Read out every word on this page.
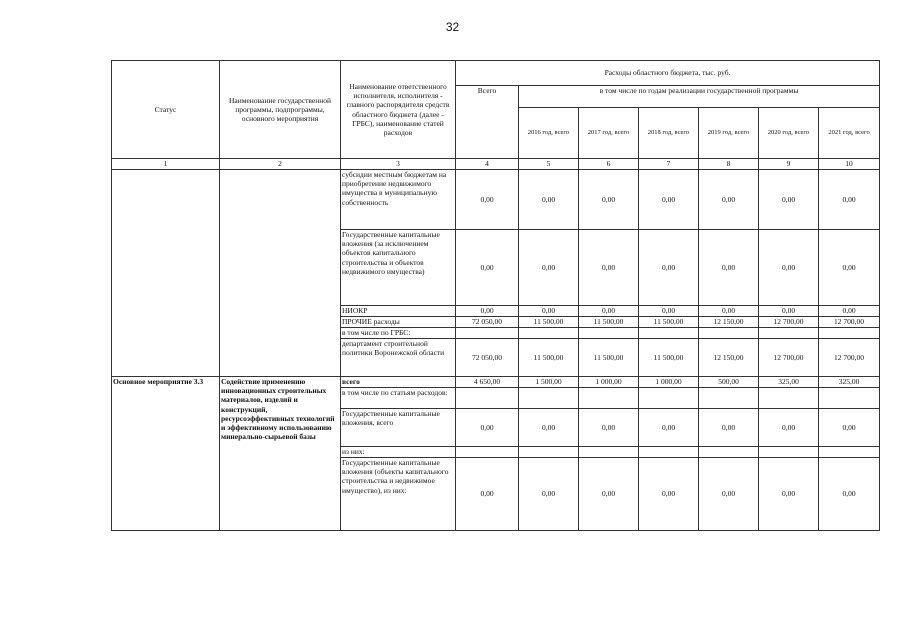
32
Статус	Наименование государственной программы, подпрограммы, основного мероприятия	Наименование ответственного исполнителя, исполнителя - главного распорядителя средств областного бюджета (далее - ГРБС), наименование статей расходов	Расходы областного бюджета, тыс. руб.						
			Всего	в том числе по годам реализации государственной программы					
				2016 год, всего	2017 год, всего	2018 год, всего	2019 год, всего	2020 год, всего	2021 год, всего
1	2	3	4	5	6	7	8	9	10
		субсидии местным бюджетам на приобретение недвижимого имущества в муниципальную собственность	0,00	0,00	0,00	0,00	0,00	0,00	0,00
		Государственные капитальные вложения (за исключением объектов капитального строительства и объектов недвижимого имущества)	0,00	0,00	0,00	0,00	0,00	0,00	0,00
		НИОКР	0,00	0,00	0,00	0,00	0,00	0,00	0,00
		ПРОЧИЕ расходы	72 050,00	11 500,00	11 500,00	11 500,00	12 150,00	12 700,00	12 700,00
		в том числе по ГРБС:							
		департамент строительной политики Воронежской области	72 050,00	11 500,00	11 500,00	11 500,00	12 150,00	12 700,00	12 700,00
Основное мероприятие 3.3	Содействие применению инновационных строительных материалов, изделий и конструкций, ресурсоэффективных технологий и эффективному использованию минерально-сырьевой базы	всего	4 650,00	1 500,00	1 000,00	1 000,00	500,00	325,00	325,00
		в том числе по статьям расходов:							
		Государственные капитальные вложения, всего	0,00	0,00	0,00	0,00	0,00	0,00	0,00
		из них:							
		Государственные капитальные вложения (объекты капитального строительства и недвижимое имущество), из них:	0,00	0,00	0,00	0,00	0,00	0,00	0,00
